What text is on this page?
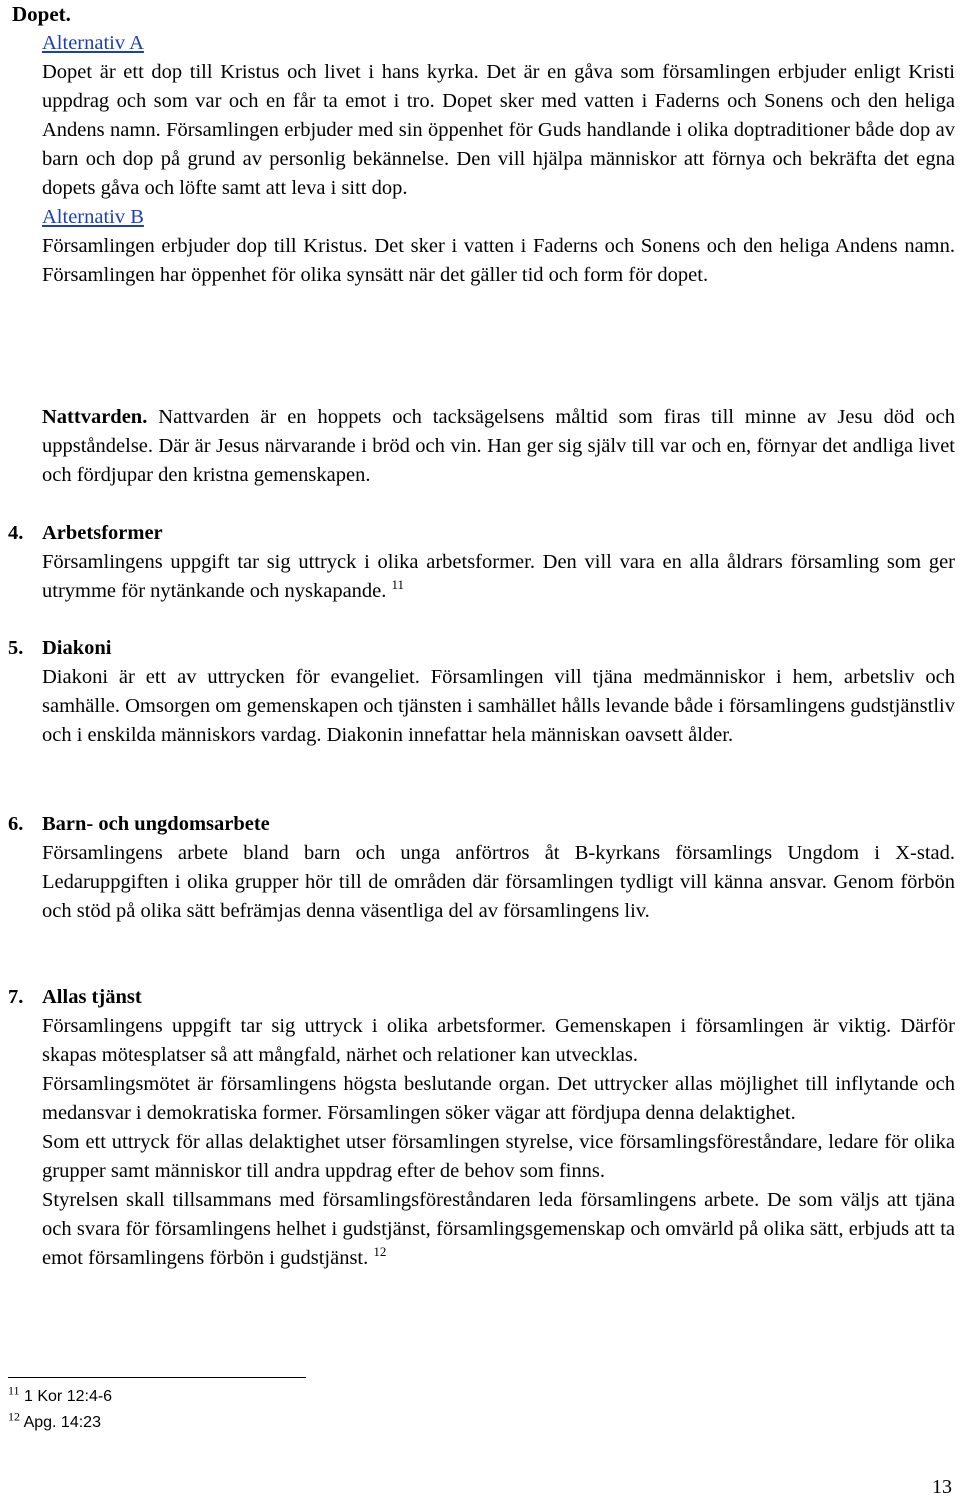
Dopet.
Alternativ A
Dopet är ett dop till Kristus och livet i hans kyrka. Det är en gåva som församlingen erbjuder enligt Kristi uppdrag och som var och en får ta emot i tro. Dopet sker med vatten i Faderns och Sonens och den heliga Andens namn. Församlingen erbjuder med sin öppenhet för Guds handlande i olika doptraditioner både dop av barn och dop på grund av personlig bekännelse. Den vill hjälpa människor att förnya och bekräfta det egna dopets gåva och löfte samt att leva i sitt dop.
Alternativ B
Församlingen erbjuder dop till Kristus. Det sker i vatten i Faderns och Sonens och den heliga Andens namn. Församlingen har öppenhet för olika synsätt när det gäller tid och form för dopet.
Nattvarden. Nattvarden är en hoppets och tacksägelsens måltid som firas till minne av Jesu död och uppståndelse. Där är Jesus närvarande i bröd och vin. Han ger sig själv till var och en, förnyar det andliga livet och fördjupar den kristna gemenskapen.
4. Arbetsformer
Församlingens uppgift tar sig uttryck i olika arbetsformer. Den vill vara en alla åldrars församling som ger utrymme för nytänkande och nyskapande. $^{11}$
5. Diakoni
Diakoni är ett av uttrycken för evangeliet. Församlingen vill tjäna medmänniskor i hem, arbetsliv och samhälle. Omsorgen om gemenskapen och tjänsten i samhället hålls levande både i församlingens gudstjänstliv och i enskilda människors vardag. Diakonin innefattar hela människan oavsett ålder.
6. Barn- och ungdomsarbete
Församlingens arbete bland barn och unga anförtros åt B-kyrkans församlings Ungdom i X-stad. Ledaruppgiften i olika grupper hör till de områden där församlingen tydligt vill känna ansvar. Genom förbön och stöd på olika sätt befrämjas denna väsentliga del av församlingens liv.
7. Allas tjänst
Församlingens uppgift tar sig uttryck i olika arbetsformer. Gemenskapen i församlingen är viktig. Därför skapas mötesplatser så att mångfald, närhet och relationer kan utvecklas.
Församlingsmötet är församlingens högsta beslutande organ. Det uttrycker allas möjlighet till inflytande och medansvar i demokratiska former. Församlingen söker vägar att fördjupa denna delaktighet.
Som ett uttryck för allas delaktighet utser församlingen styrelse, vice församlingsföreståndare, ledare för olika grupper samt människor till andra uppdrag efter de behov som finns.
Styrelsen skall tillsammans med församlingsföreståndaren leda församlingens arbete. De som väljs att tjäna och svara för församlingens helhet i gudstjänst, församlingsgemenskap och omvärld på olika sätt, erbjuds att ta emot församlingens förbön i gudstjänst. $^{12}$
$^{11}$ 1 Kor 12:4-6
$^{12}$ Apg. 14:23
13
